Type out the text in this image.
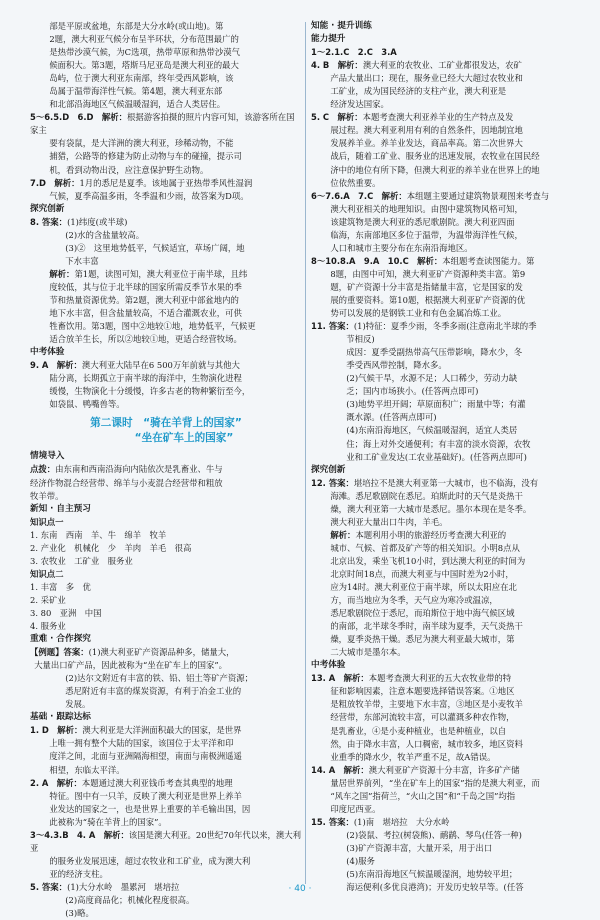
部是平原或盆地，东部是大分水岭(或山地)。第
2题，澳大利亚气候分布呈半环状，分布范围最广的
是热带沙漠气候，为C选项，热带草原和热带沙漠气
候面积大。第3题，塔斯马尼亚岛是澳大利亚的最大
岛屿，位于澳大利亚东南部，终年受西风影响，该
岛属于温带海洋性气候。第4题，澳大利亚东部
和北部沿海地区气候温暖湿润，适合人类居住。
5～6.5.D　6.D　解析：根据游客拍摄的照片内容可知，该游客所在国家主
要有袋鼠，是大洋洲的澳大利亚，珍稀动物，不能
捕猎，公路等的修建为防止动物与车的碰撞，提示司
机，看到动物出没，应注意保护野生动物。
7.D　解析：1月的悉尼是夏季。该地属于亚热带季风性湿润
气候，夏季高温多雨，冬季温和少雨，故答案为D项。
探究创新
8. 答案：(1)纬度(或半球)
(2)水的含盐量较高。
(3)②　这里地势低平，气候适宜，草场广阔，地
下水丰富
解析：第1题，读图可知，澳大利亚位于南半球，且纬
度较低，其与位于北半球的国家所需反季节水果的季
节和热量资源优势。第2题，澳大利亚中部盆地内的
地下水丰富，但含盐量较高，不适合灌溉农业，可供
牲畜饮用。第3题，图中②地较①地，地势低平，气候更
适合放羊生长，所以②地较①地，更适合经营牧场。
中考体验
9. A　解析：澳大利亚大陆早在6 500万年前就与其他大
陆分离，长期孤立于南半球的海洋中，生物演化进程
缓慢，生物演化十分缓慢，许多古老的物种繁衍至今，
如袋鼠、鸭嘴兽等。
第二课时　“骑在羊背上的国家”
“坐在矿车上的国家”
情境导入
点拨：由东南和西南沿海向内陆依次是乳畜业、牛与
经济作物混合经营带、绵羊与小麦混合经营带和粗放
牧羊带。
新知 · 自主预习
知识点一
1. 东南　西南　羊、牛　绵羊　牧羊
2. 产业化　机械化　少　羊肉　羊毛　很高
3. 农牧业　工矿业　服务业
知识点二
1. 丰富　多　优
2. 采矿业
3. 80　亚洲　中国
4. 服务业
重难 · 合作探究
【例题】答案：(1)澳大利亚矿产资源品种多，储量大，
大量出口矿产品，因此被称为“坐在矿车上的国家”。
(2)达尔文附近有丰富的铁、铅、铝土等矿产资源；
悉尼附近有丰富的煤炭资源，有利于冶金工业的
发展。
基础 · 跟踪达标
1. D　解析：澳大利亚是大洋洲面积最大的国家，是世界
上唯一拥有整个大陆的国家，该国位于太平洋和印
度洋之间，北面与亚洲隔海相望，南面与南极洲遥遥
相望，东临太平洋。
2. A　解析：本题通过澳大利亚钱币考查其典型的地理
特征。图中有一只羊，反映了澳大利亚是世界上养羊
业发达的国家之一，也是世界上重要的羊毛输出国，因
此被称为“骑在羊背上的国家”。
3～4.3.B　4. A　解析：该国是澳大利亚。20世纪70年代以来，澳大利亚
的服务业发展迅速，超过农牧业和工矿业，成为澳大利
亚的经济支柱。
5. 答案：(1)大分水岭　墨累河　堪培拉
(2)高度商品化；机械化程度很高。
(3)略。
知能 · 提升训练
能力提升
1～2.1.C　2.C　3.A
4. B　解析：澳大利亚的农牧业、工矿业都很发达，农矿
产品大量出口；现在，服务业已经大大超过农牧业和
工矿业，成为国民经济的支柱产业，澳大利亚是
经济发达国家。
5. C　解析：本题考查澳大利亚养羊业的生产特点及发
展过程。澳大利亚利用有利的自然条件，因地制宜地
发展养羊业。养羊业发达，商品率高。第二次世界大
战后，随着工矿业、服务业的迅速发展，农牧业在国民经
济中的地位有所下降，但澳大利亚的养羊业在世界上的地
位依然重要。
6～7.6.A　7.C　解析：本组题主要通过建筑物景观图来考查与
澳大利亚相关的地理知识。由图中建筑物风格可知，
该建筑物是澳大利亚的悉尼歌剧院。澳大利亚四面
临海，东南部地区多位于温带，为温带海洋性气候，
人口和城市主要分布在东南沿海地区。
8～10.8.A　9.A　10.C　解析：本组题考查读图能力。第
8题，由图中可知，澳大利亚矿产资源种类丰富。第9
题，矿产资源十分丰富是指储量丰富，它是国家的发
展的重要资料。第10题，根据澳大利亚矿产资源的优
势可以发展的是钢铁工业和有色金属冶炼工业。
11. 答案：(1)特征：夏季少雨，冬季多雨(注意南北半球的季
节相反)
成因：夏季受副热带高气压带影响，降水少，冬
季受西风带控制，降水多。
(2)气候干旱，水源不足；人口稀少，劳动力缺
乏；国内市场狭小。(任答两点即可)
(3)地势平坦开阔；草原面积广；雨量中等；有灌
溉水源。(任答两点即可)
(4)东南沿海地区，气候温暖湿润，适宜人类居
住；海上对外交通便利；有丰富的淡水资源，农牧
业和工矿业发达(工农业基础好)。(任答两点即可)
探究创新
12. 答案：堪培拉不是澳大利亚第一大城市，也不临海，没有
海滩。悉尼歌剧院在悉尼。珀斯此时的天气是炎热干
燥，澳大利亚第一大城市是悉尼。墨尔本现在是冬季。
澳大利亚大量出口牛肉，羊毛。
解析：本题利用小明的旅游经历考查澳大利亚的
城市、气候、首都及矿产等的相关知识。小明8点从
北京出发，乘坐飞机10小时，到达澳大利亚的时间为
北京时间18点，而澳大利亚与中国时差为2小时，
应为14时。澳大利亚位于南半球，所以太阳应在北
方，而当地应为冬季，天气应为寒冷或温凉，
悉尼歌剧院位于悉尼，而珀斯位于地中海气候区域
的南部，北半球冬季时，南半球为夏季，天气炎热干
燥，夏季炎热干燥。悉尼为澳大利亚最大城市，第
二大城市是墨尔本。
中考体验
13. A　解析：本题考查澳大利亚的五大农牧业带的特
征和影响因素，注意本题要选择错误答案。①地区
是粗放牧羊带，主要地下水丰富，③地区是小麦牧羊
经营带，东部河流较丰富，可以灌溉多种农作物，
是乳畜业，④是小麦种植业，也是种植业，以自
然，由于降水丰富，人口稠密，城市较多，地区资料
业重季的降水少，牧羊严重不足，故A错误。
14. A　解析：澳大利亚矿产资源十分丰富，许多矿产储
量居世界前列，“坐在矿车上的国家”指的是澳大利亚，而
“风车之国”指荷兰，“火山之国”和“千岛之国”均指
印度尼西亚。
15. 答案：(1)南　堪培拉　大分水岭
(2)袋鼠、考拉(树袋熊)、鸸鹋、琴鸟(任答一种)
(3)矿产资源丰富，大量开采，用于出口
(4)服务
(5)东南沿海地区气候温暖湿润，地势较平坦；
海运便利(多优良港湾)；开发历史较早等。(任答
· 40 ·
